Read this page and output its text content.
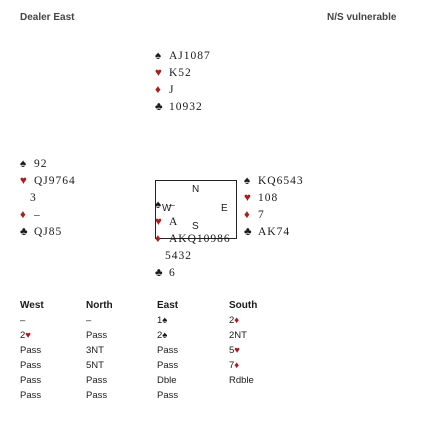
Dealer East	N/S vulnerable
♠ AJ1087
♥ K52
♦ J
♣ 10932
♠ 92
♥ QJ9764
3
♦ –
♣ QJ85
N
W	E
S
♠ KQ6543
♥ 108
♦ 7
♣ AK74
♠ –
♥ A
♦ AKQ10986
5432
♣ 6
West	North	East	South
–	–	1♠	2 ♦
2 ♥	Pass	2♠	2NT
Pass	3NT	Pass	5 ♥
Pass	5NT	Pass	7 ♦
Pass	Pass	Dble	Rdble
Pass	Pass	Pass
